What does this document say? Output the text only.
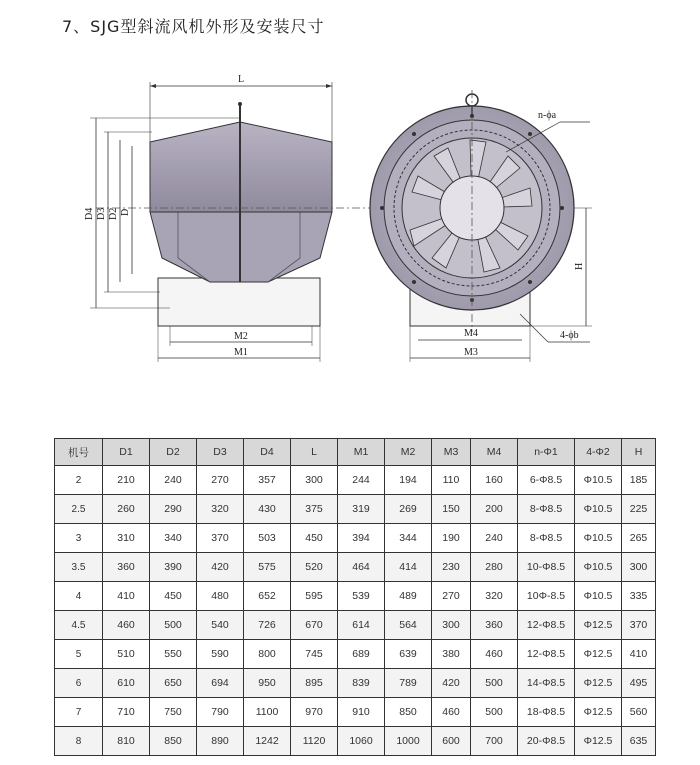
7、SJG型斜流风机外形及安装尺寸
L
D4 D3 D2 D
M2
M1
n-ϕa
H
4-ϕb
M4
M3
机号	D1	D2	D3	D4	L	M1	M2	M3	M4	n-Φ1	4-Φ2	H
2	210	240	270	357	300	244	194	110	160	6-Φ8.5	Φ10.5	185
2.5	260	290	320	430	375	319	269	150	200	8-Φ8.5	Φ10.5	225
3	310	340	370	503	450	394	344	190	240	8-Φ8.5	Φ10.5	265
3.5	360	390	420	575	520	464	414	230	280	10-Φ8.5	Φ10.5	300
4	410	450	480	652	595	539	489	270	320	10Φ-8.5	Φ10.5	335
4.5	460	500	540	726	670	614	564	300	360	12-Φ8.5	Φ12.5	370
5	510	550	590	800	745	689	639	380	460	12-Φ8.5	Φ12.5	410
6	610	650	694	950	895	839	789	420	500	14-Φ8.5	Φ12.5	495
7	710	750	790	1100	970	910	850	460	500	18-Φ8.5	Φ12.5	560
8	810	850	890	1242	1120	1060	1000	600	700	20-Φ8.5	Φ12.5	635
